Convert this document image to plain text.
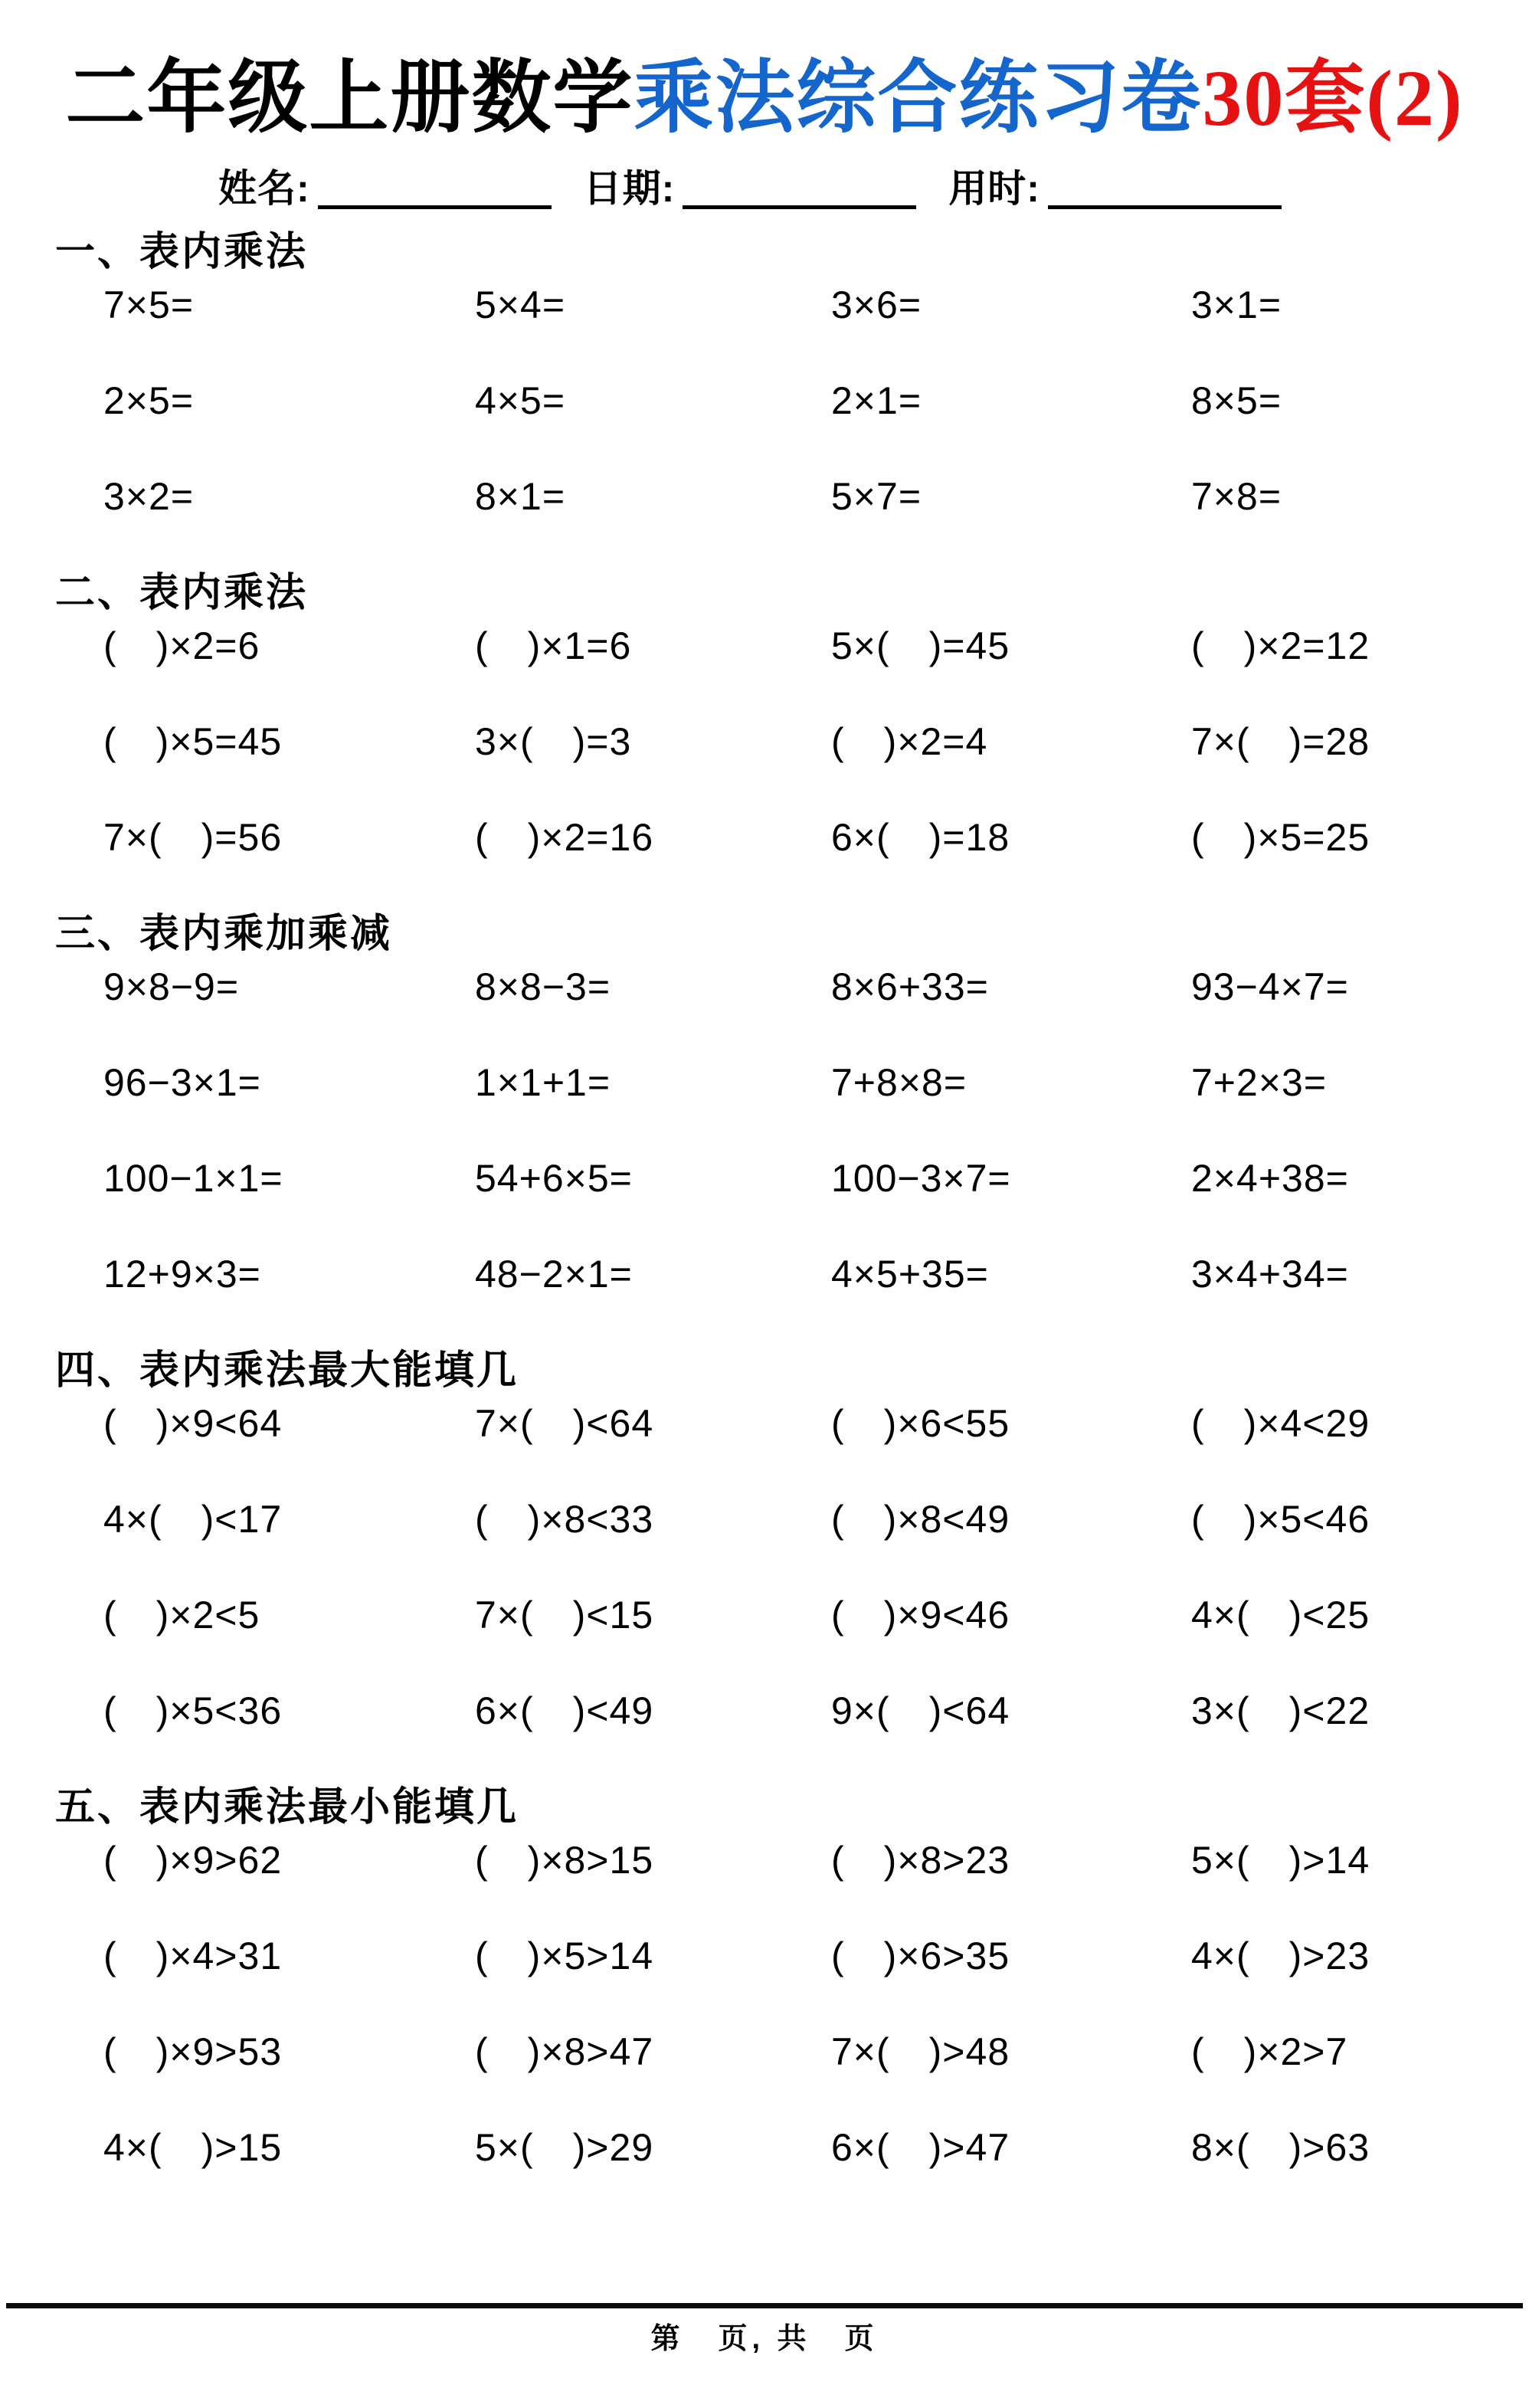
二年级上册数学乘法综合练习卷30套(2)
姓名:	日期:	用时:
一、表内乘法
7×5=	5×4=	3×6=	3×1=
2×5=	4×5=	2×1=	8×5=
3×2=	8×1=	5×7=	7×8=
二、表内乘法
(　)×2=6	(　)×1=6	5×(　)=45	(　)×2=12
(　)×5=45	3×(　)=3	(　)×2=4	7×(　)=28
7×(　)=56	(　)×2=16	6×(　)=18	(　)×5=25
三、表内乘加乘减
9×8−9=	8×8−3=	8×6+33=	93−4×7=
96−3×1=	1×1+1=	7+8×8=	7+2×3=
100−1×1=	54+6×5=	100−3×7=	2×4+38=
12+9×3=	48−2×1=	4×5+35=	3×4+34=
四、表内乘法最大能填几
(　)×9<64	7×(　)<64	(　)×6<55	(　)×4<29
4×(　)<17	(　)×8<33	(　)×8<49	(　)×5<46
(　)×2<5	7×(　)<15	(　)×9<46	4×(　)<25
(　)×5<36	6×(　)<49	9×(　)<64	3×(　)<22
五、表内乘法最小能填几
(　)×9>62	(　)×8>15	(　)×8>23	5×(　)>14
(　)×4>31	(　)×5>14	(　)×6>35	4×(　)>23
(　)×9>53	(　)×8>47	7×(　)>48	(　)×2>7
4×(　)>15	5×(　)>29	6×(　)>47	8×(　)>63
第　页, 共　页
